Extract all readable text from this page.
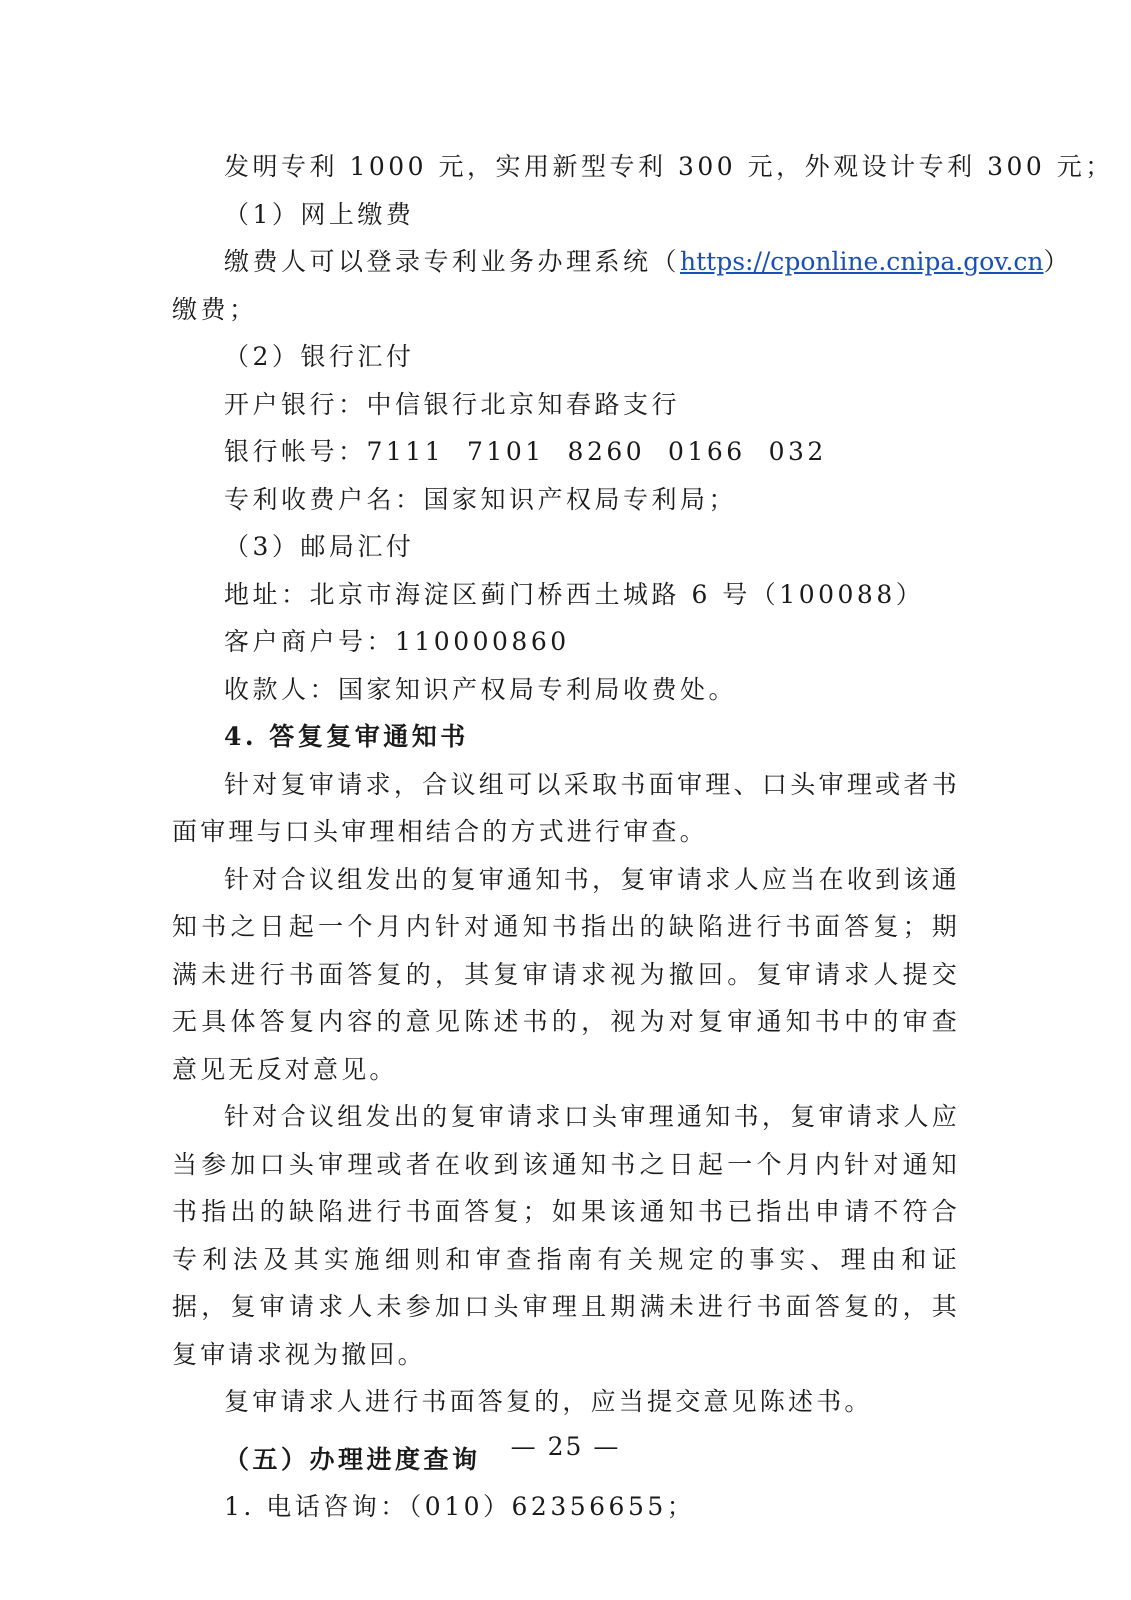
发明专利 1000 元，实用新型专利 300 元，外观设计专利 300 元；
（1）网上缴费
缴费人可以登录专利业务办理系统（https://cponline.cnipa.gov.cn）
缴费；
（2）银行汇付
开户银行：中信银行北京知春路支行
银行帐号：7111  7101  8260  0166  032
专利收费户名：国家知识产权局专利局；
（3）邮局汇付
地址：北京市海淀区蓟门桥西土城路 6 号（100088）
客户商户号：110000860
收款人：国家知识产权局专利局收费处。
4. 答复复审通知书

针对复审请求，合议组可以采取书面审理、口头审理或者书面审理与口头审理相结合的方式进行审查。

针对合议组发出的复审通知书，复审请求人应当在收到该通知书之日起一个月内针对通知书指出的缺陷进行书面答复；期满未进行书面答复的，其复审请求视为撤回。复审请求人提交无具体答复内容的意见陈述书的，视为对复审通知书中的审查意见无反对意见。

针对合议组发出的复审请求口头审理通知书，复审请求人应当参加口头审理或者在收到该通知书之日起一个月内针对通知书指出的缺陷进行书面答复；如果该通知书已指出申请不符合专利法及其实施细则和审查指南有关规定的事实、理由和证据，复审请求人未参加口头审理且期满未进行书面答复的，其复审请求视为撤回。

复审请求人进行书面答复的，应当提交意见陈述书。

（五）办理进度查询
1. 电话咨询：（010）62356655；
— 25 —
